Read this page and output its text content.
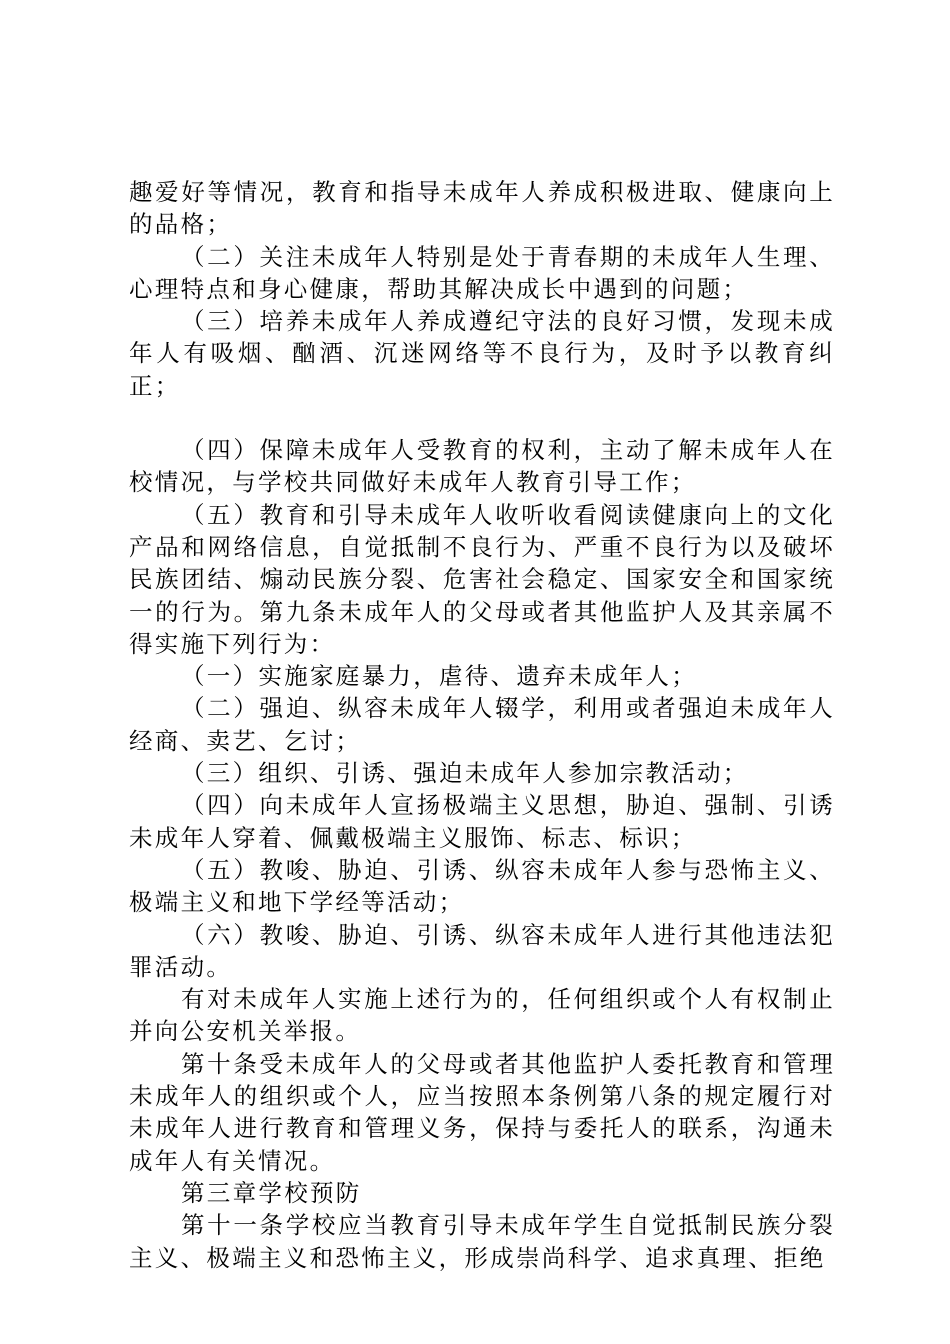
趣爱好等情况，教育和指导未成年人养成积极进取、健康向上的品格；

（二）关注未成年人特别是处于青春期的未成年人生理、心理特点和身心健康，帮助其解决成长中遇到的问题；

（三）培养未成年人养成遵纪守法的良好习惯，发现未成年人有吸烟、酗酒、沉迷网络等不良行为，及时予以教育纠正；

（四）保障未成年人受教育的权利，主动了解未成年人在校情况，与学校共同做好未成年人教育引导工作；

（五）教育和引导未成年人收听收看阅读健康向上的文化产品和网络信息，自觉抵制不良行为、严重不良行为以及破坏民族团结、煽动民族分裂、危害社会稳定、国家安全和国家统一的行为。第九条未成年人的父母或者其他监护人及其亲属不得实施下列行为：

（一）实施家庭暴力，虐待、遗弃未成年人；

（二）强迫、纵容未成年人辍学，利用或者强迫未成年人经商、卖艺、乞讨；

（三）组织、引诱、强迫未成年人参加宗教活动；

（四）向未成年人宣扬极端主义思想，胁迫、强制、引诱未成年人穿着、佩戴极端主义服饰、标志、标识；

（五）教唆、胁迫、引诱、纵容未成年人参与恐怖主义、极端主义和地下学经等活动；

（六）教唆、胁迫、引诱、纵容未成年人进行其他违法犯罪活动。

有对未成年人实施上述行为的，任何组织或个人有权制止并向公安机关举报。

第十条受未成年人的父母或者其他监护人委托教育和管理未成年人的组织或个人，应当按照本条例第八条的规定履行对未成年人进行教育和管理义务，保持与委托人的联系，沟通未成年人有关情况。

第三章学校预防

第十一条学校应当教育引导未成年学生自觉抵制民族分裂主义、极端主义和恐怖主义，形成崇尚科学、追求真理、拒绝
